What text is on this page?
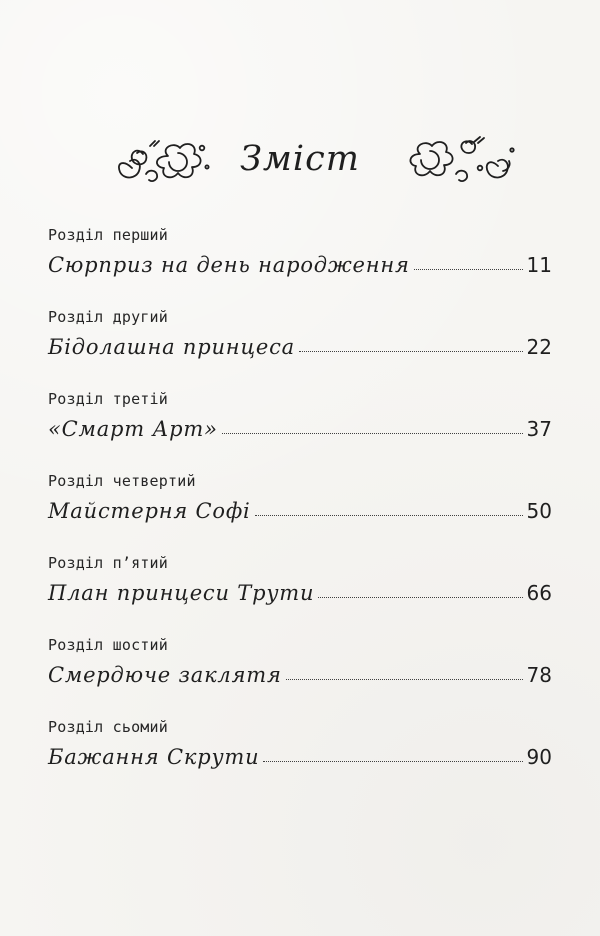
Зміст
Розділ перший
Сюрприз на день народження	11
Розділ другий
Бідолашна принцеса	22
Розділ третій
«Смарт Арт»	37
Розділ четвертий
Майстерня Софі	50
Розділ п’ятий
План принцеси Трути	66
Розділ шостий
Смердюче заклятя	78
Розділ сьомий
Бажання Скрути	90
